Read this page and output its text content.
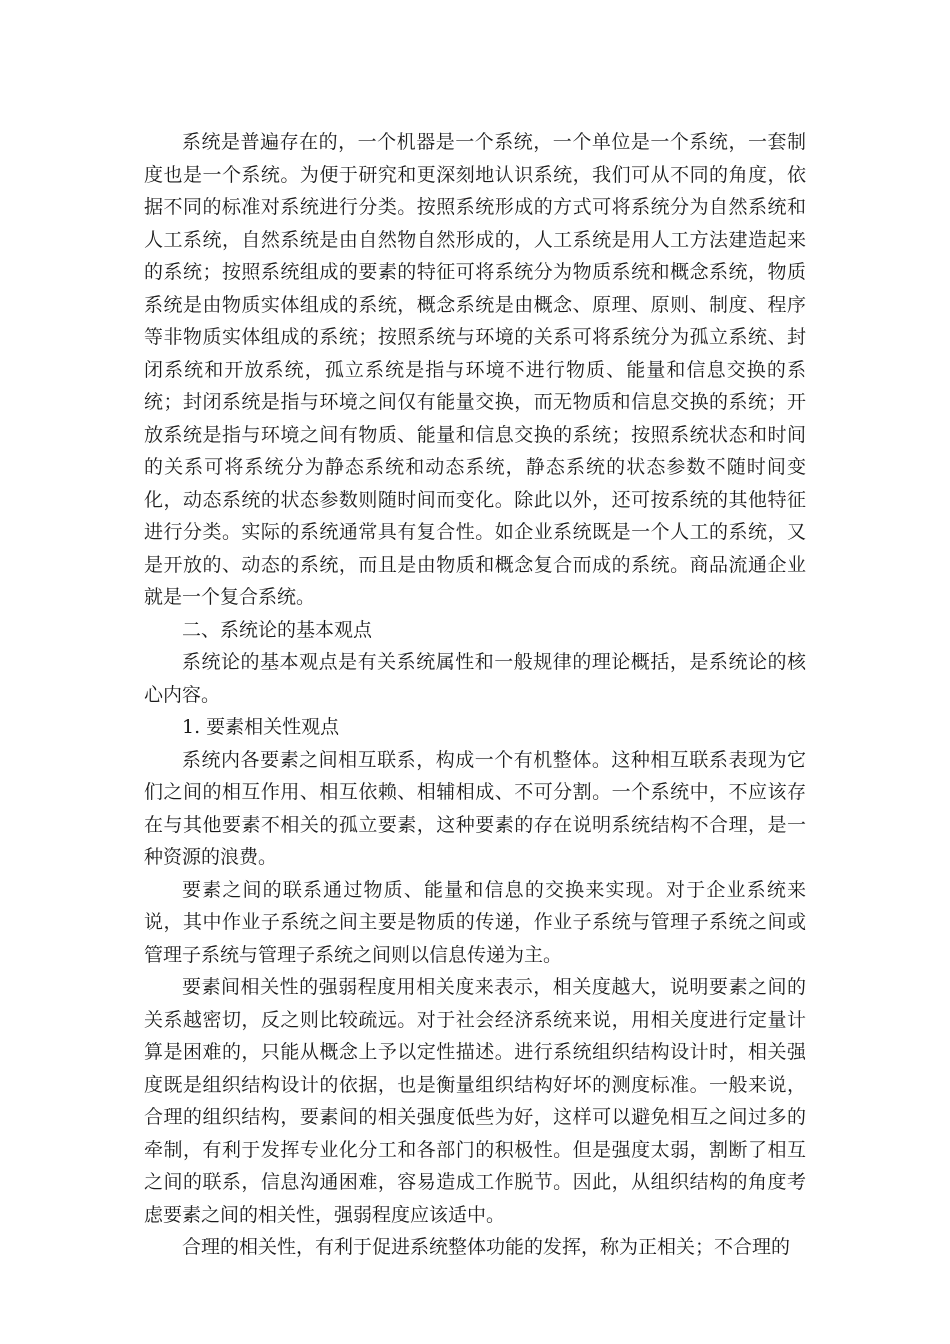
系统是普遍存在的，一个机器是一个系统，一个单位是一个系统，一套制度也是一个系统。为便于研究和更深刻地认识系统，我们可从不同的角度，依据不同的标准对系统进行分类。按照系统形成的方式可将系统分为自然系统和人工系统，自然系统是由自然物自然形成的，人工系统是用人工方法建造起来的系统；按照系统组成的要素的特征可将系统分为物质系统和概念系统，物质系统是由物质实体组成的系统，概念系统是由概念、原理、原则、制度、程序等非物质实体组成的系统；按照系统与环境的关系可将系统分为孤立系统、封闭系统和开放系统，孤立系统是指与环境不进行物质、能量和信息交换的系统；封闭系统是指与环境之间仅有能量交换，而无物质和信息交换的系统；开放系统是指与环境之间有物质、能量和信息交换的系统；按照系统状态和时间的关系可将系统分为静态系统和动态系统，静态系统的状态参数不随时间变化，动态系统的状态参数则随时间而变化。除此以外，还可按系统的其他特征进行分类。实际的系统通常具有复合性。如企业系统既是一个人工的系统，又是开放的、动态的系统，而且是由物质和概念复合而成的系统。商品流通企业就是一个复合系统。

二、系统论的基本观点

系统论的基本观点是有关系统属性和一般规律的理论概括，是系统论的核心内容。

1. 要素相关性观点

系统内各要素之间相互联系，构成一个有机整体。这种相互联系表现为它们之间的相互作用、相互依赖、相辅相成、不可分割。一个系统中，不应该存在与其他要素不相关的孤立要素，这种要素的存在说明系统结构不合理，是一种资源的浪费。

要素之间的联系通过物质、能量和信息的交换来实现。对于企业系统来说，其中作业子系统之间主要是物质的传递，作业子系统与管理子系统之间或管理子系统与管理子系统之间则以信息传递为主。

要素间相关性的强弱程度用相关度来表示，相关度越大，说明要素之间的关系越密切，反之则比较疏远。对于社会经济系统来说，用相关度进行定量计算是困难的，只能从概念上予以定性描述。进行系统组织结构设计时，相关强度既是组织结构设计的依据，也是衡量组织结构好坏的测度标准。一般来说，合理的组织结构，要素间的相关强度低些为好，这样可以避免相互之间过多的牵制，有利于发挥专业化分工和各部门的积极性。但是强度太弱，割断了相互之间的联系，信息沟通困难，容易造成工作脱节。因此，从组织结构的角度考虑要素之间的相关性，强弱程度应该适中。

合理的相关性，有利于促进系统整体功能的发挥，称为正相关；不合理的
